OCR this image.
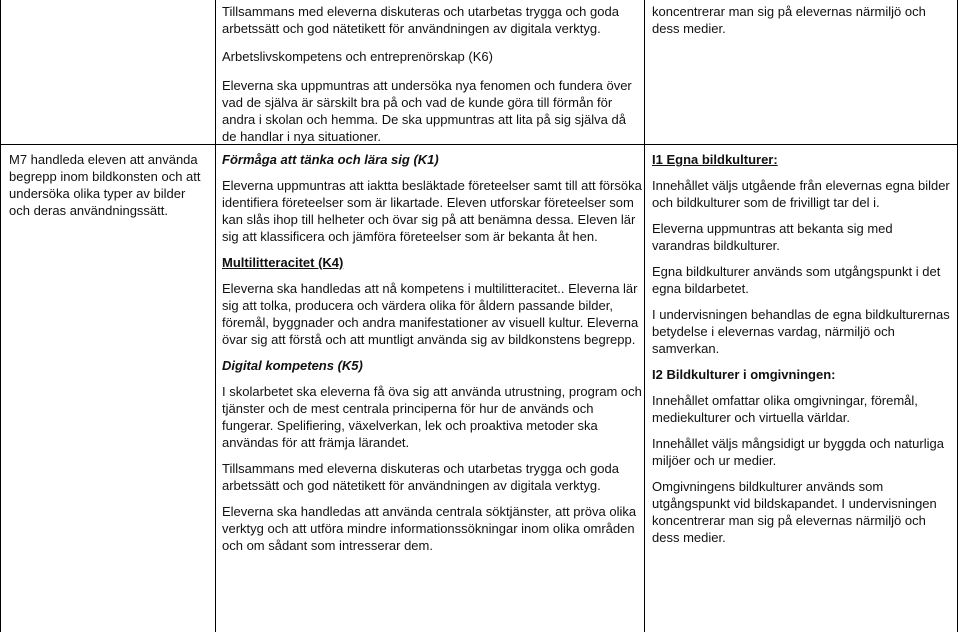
Tillsammans med eleverna diskuteras och utarbetas trygga och goda arbetssätt och god nätetikett för användningen av digitala verktyg.

Arbetslivskompetens och entreprenörskap (K6)

Eleverna ska uppmuntras att undersöka nya fenomen och fundera över vad de själva är särskilt bra på och vad de kunde göra till förmån för andra i skolan och hemma. De ska uppmuntras att lita på sig själva då de handlar i nya situationer.

koncentrerar man sig på elevernas närmiljö och dess medier.

M7 handleda eleven att använda begrepp inom bildkonsten och att undersöka olika typer av bilder och deras användningssätt.

Förmåga att tänka och lära sig (K1)

Eleverna uppmuntras att iaktta besläktade företeelser samt till att försöka identifiera företeelser som är likartade. Eleven utforskar företeelser som kan slås ihop till helheter och övar sig på att benämna dessa. Eleven lär sig att klassificera och jämföra företeelser som är bekanta åt hen.

Multilitteracitet (K4)

Eleverna ska handledas att nå kompetens i multilitteracitet.. Eleverna lär sig att tolka, producera och värdera olika för åldern passande bilder, föremål, byggnader och andra manifestationer av visuell kultur. Eleverna övar sig att förstå och att muntligt använda sig av bildkonstens begrepp.

Digital kompetens (K5)

I skolarbetet ska eleverna få öva sig att använda utrustning, program och tjänster och de mest centrala principerna för hur de används och fungerar. Spelifiering, växelverkan, lek och proaktiva metoder ska användas för att främja lärandet.

Tillsammans med eleverna diskuteras och utarbetas trygga och goda arbetssätt och god nätetikett för användningen av digitala verktyg.

Eleverna ska handledas att använda centrala söktjänster, att pröva olika verktyg och att utföra mindre informationssökningar inom olika områden och om sådant som intresserar dem.

I1 Egna bildkulturer:

Innehållet väljs utgående från elevernas egna bilder och bildkulturer som de frivilligt tar del i.

Eleverna uppmuntras att bekanta sig med varandras bildkulturer.

Egna bildkulturer används som utgångspunkt i det egna bildarbetet.

I undervisningen behandlas de egna bildkulturernas betydelse i elevernas vardag, närmiljö och samverkan.

I2 Bildkulturer i omgivningen:

Innehållet omfattar olika omgivningar, föremål, mediekulturer och virtuella världar.

Innehållet väljs mångsidigt ur byggda och naturliga miljöer och ur medier.

Omgivningens bildkulturer används som utgångspunkt vid bildskapandet. I undervisningen koncentrerar man sig på elevernas närmiljö och dess medier.
